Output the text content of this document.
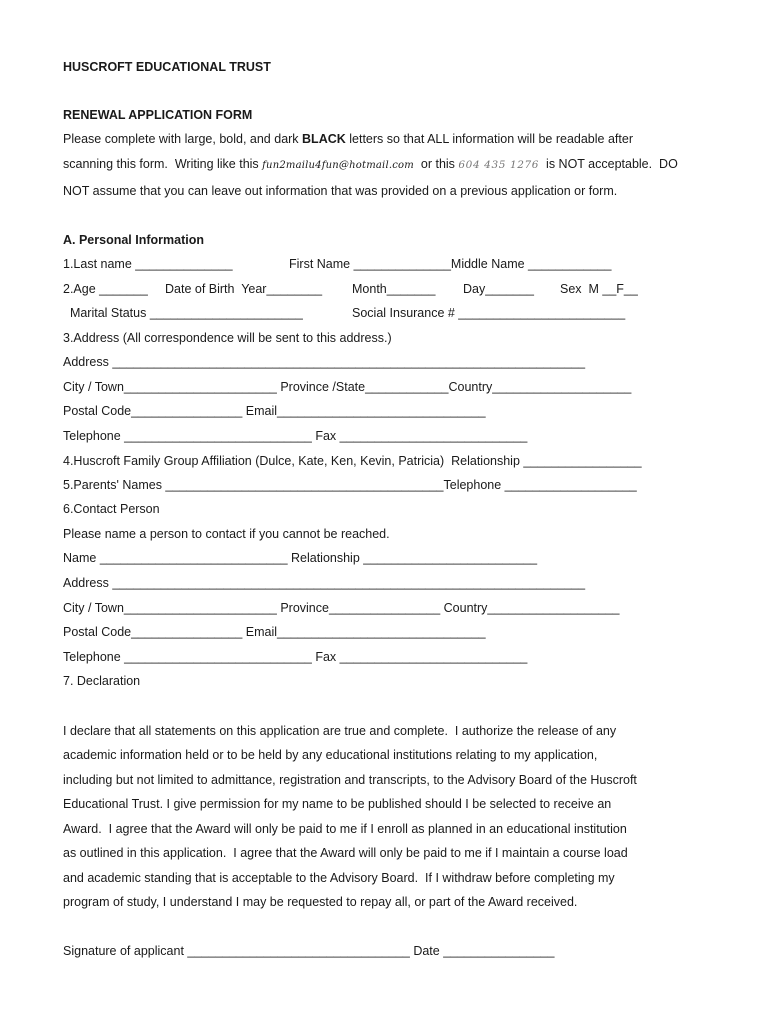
HUSCROFT EDUCATIONAL TRUST
RENEWAL APPLICATION FORM
Please complete with large, bold, and dark BLACK letters so that ALL information will be readable after
scanning this form.  Writing like this fun2mailu4fun@hotmail.com  or this 604 435 1276  is NOT acceptable.  DO
NOT assume that you can leave out information that was provided on a previous application or form.
A. Personal Information
1.Last name ______________	First Name ______________Middle Name ____________
2.Age _______ Date of Birth  Year________ Month_______ Day_______ Sex  M __F__
Marital Status ______________________	Social Insurance # ________________________
3.Address (All correspondence will be sent to this address.)
Address ____________________________________________________________________
City / Town______________________ Province /State____________Country____________________
Postal Code________________ Email______________________________
Telephone ___________________________ Fax ___________________________
4.Huscroft Family Group Affiliation (Dulce, Kate, Ken, Kevin, Patricia)  Relationship _________________
5.Parents' Names ________________________________________Telephone ___________________
6.Contact Person
Please name a person to contact if you cannot be reached.
Name ___________________________ Relationship _________________________
Address ____________________________________________________________________
City / Town______________________ Province________________ Country___________________
Postal Code________________ Email______________________________
Telephone ___________________________ Fax ___________________________
7. Declaration
I declare that all statements on this application are true and complete.  I authorize the release of any
academic information held or to be held by any educational institutions relating to my application,
including but not limited to admittance, registration and transcripts, to the Advisory Board of the Huscroft
Educational Trust. I give permission for my name to be published should I be selected to receive an
Award.  I agree that the Award will only be paid to me if I enroll as planned in an educational institution
as outlined in this application.  I agree that the Award will only be paid to me if I maintain a course load
and academic standing that is acceptable to the Advisory Board.  If I withdraw before completing my
program of study, I understand I may be requested to repay all, or part of the Award received.
Signature of applicant ________________________________ Date ________________
